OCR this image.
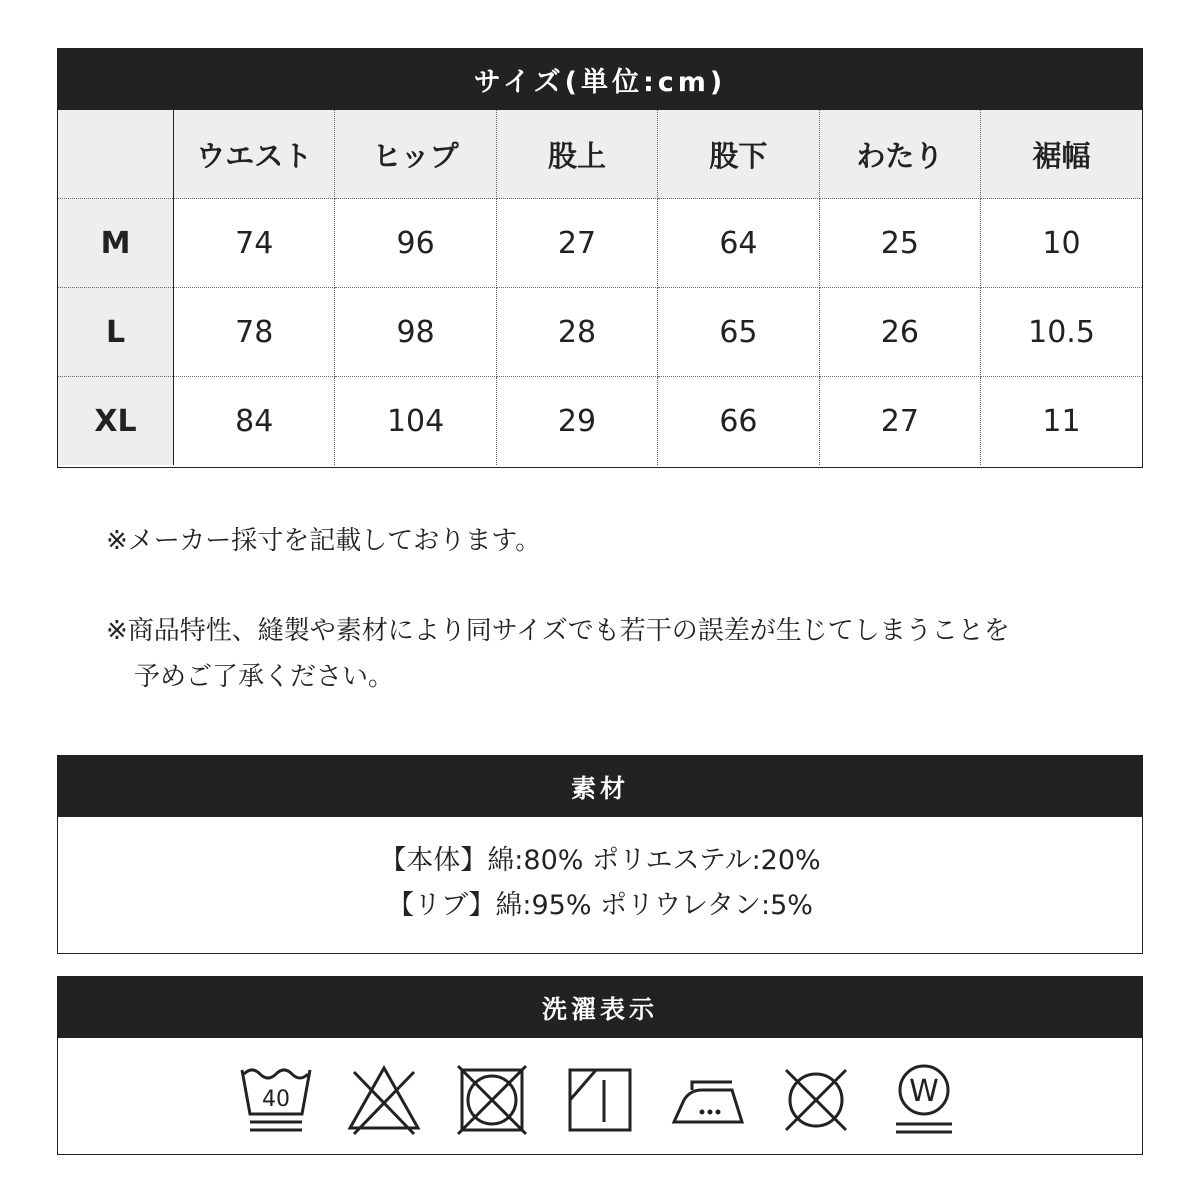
サイズ(単位:cm)
	ウエスト	ヒップ	股上	股下	わたり	裾幅
M	74	96	27	64	25	10
L	78	98	28	65	26	10.5
XL	84	104	29	66	27	11
※メーカー採寸を記載しております。
※商品特性、縫製や素材により同サイズでも若干の誤差が生じてしまうことを
予めご了承ください。
素材
【本体】綿:80% ポリエステル:20%
【リブ】綿:95% ポリウレタン:5%
洗濯表示
40	W
